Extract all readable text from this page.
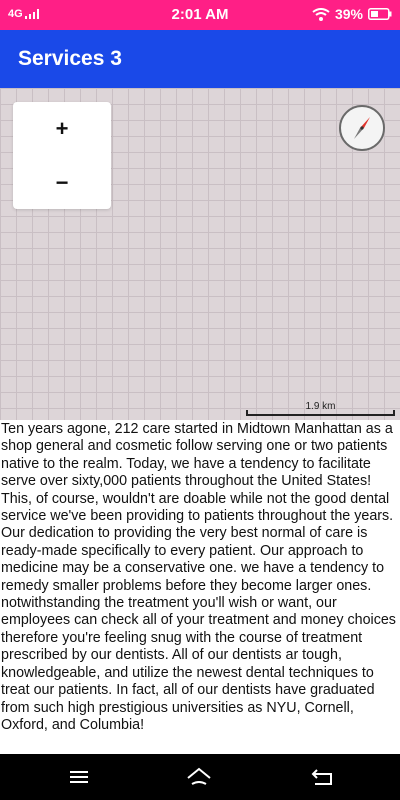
4G	2:01 AM	39%
Services 3
+
−
1.9 km
Ten years agone, 212 care started in Midtown Manhattan as a shop general and cosmetic follow serving one or two patients native to the realm. Today, we have a tendency to facilitate serve over sixty,000 patients throughout the United States! This, of course, wouldn't are doable while not the good dental service we've been providing to patients throughout the years. Our dedication to providing the very best normal of care is ready-made specifically to every patient. Our approach to medicine may be a conservative one. we have a tendency to remedy smaller problems before they become larger ones. notwithstanding the treatment you'll wish or want, our employees can check all of your treatment and money choices therefore you're feeling snug with the course of treatment prescribed by our dentists. All of our dentists ar tough, knowledgeable, and utilize the newest dental techniques to treat our patients. In fact, all of our dentists have graduated from such high prestigious universities as NYU, Cornell, Oxford, and Columbia!
